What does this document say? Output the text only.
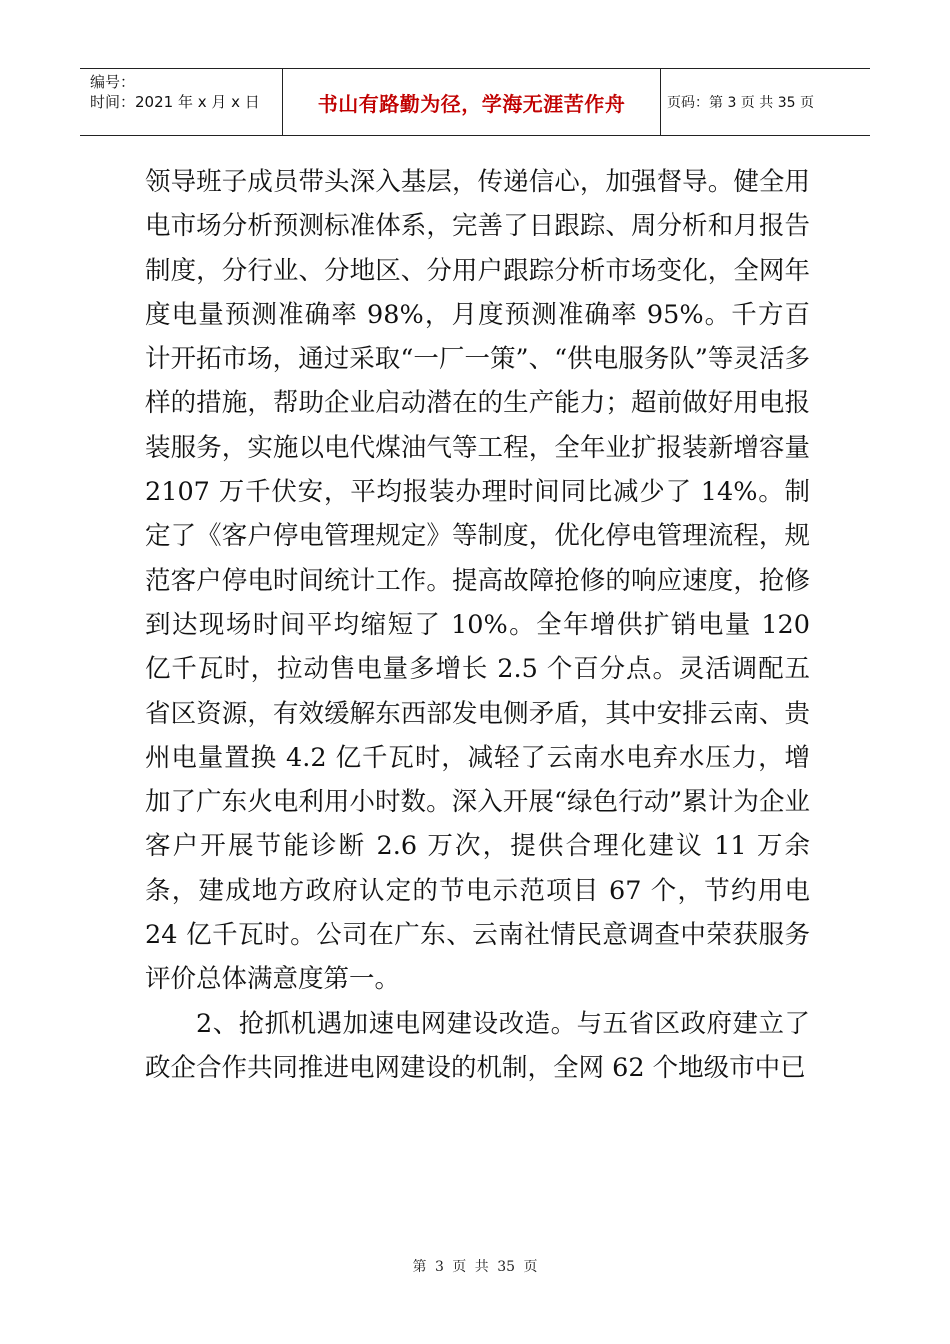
编号：
时间：2021 年 x 月 x 日	书山有路勤为径，学海无涯苦作舟	页码：第 3 页 共 35 页

领导班子成员带头深入基层，传递信心，加强督导。健全用电市场分析预测标准体系，完善了日跟踪、周分析和月报告制度，分行业、分地区、分用户跟踪分析市场变化，全网年度电量预测准确率 98%，月度预测准确率 95%。千方百计开拓市场，通过采取“一厂一策”、“供电服务队”等灵活多样的措施，帮助企业启动潜在的生产能力；超前做好用电报装服务，实施以电代煤油气等工程，全年业扩报装新增容量 2107 万千伏安，平均报装办理时间同比减少了 14%。制定了《客户停电管理规定》等制度，优化停电管理流程，规范客户停电时间统计工作。提高故障抢修的响应速度，抢修到达现场时间平均缩短了 10%。全年增供扩销电量 120 亿千瓦时，拉动售电量多增长 2.5 个百分点。灵活调配五省区资源，有效缓解东西部发电侧矛盾，其中安排云南、贵州电量置换 4.2 亿千瓦时，减轻了云南水电弃水压力，增加了广东火电利用小时数。深入开展“绿色行动”累计为企业客户开展节能诊断 2.6 万次，提供合理化建议 11 万余条，建成地方政府认定的节电示范项目 67 个，节约用电 24 亿千瓦时。公司在广东、云南社情民意调查中荣获服务评价总体满意度第一。

2、抢抓机遇加速电网建设改造。与五省区政府建立了政企合作共同推进电网建设的机制，全网 62 个地级市中已

第 3 页 共 35 页
